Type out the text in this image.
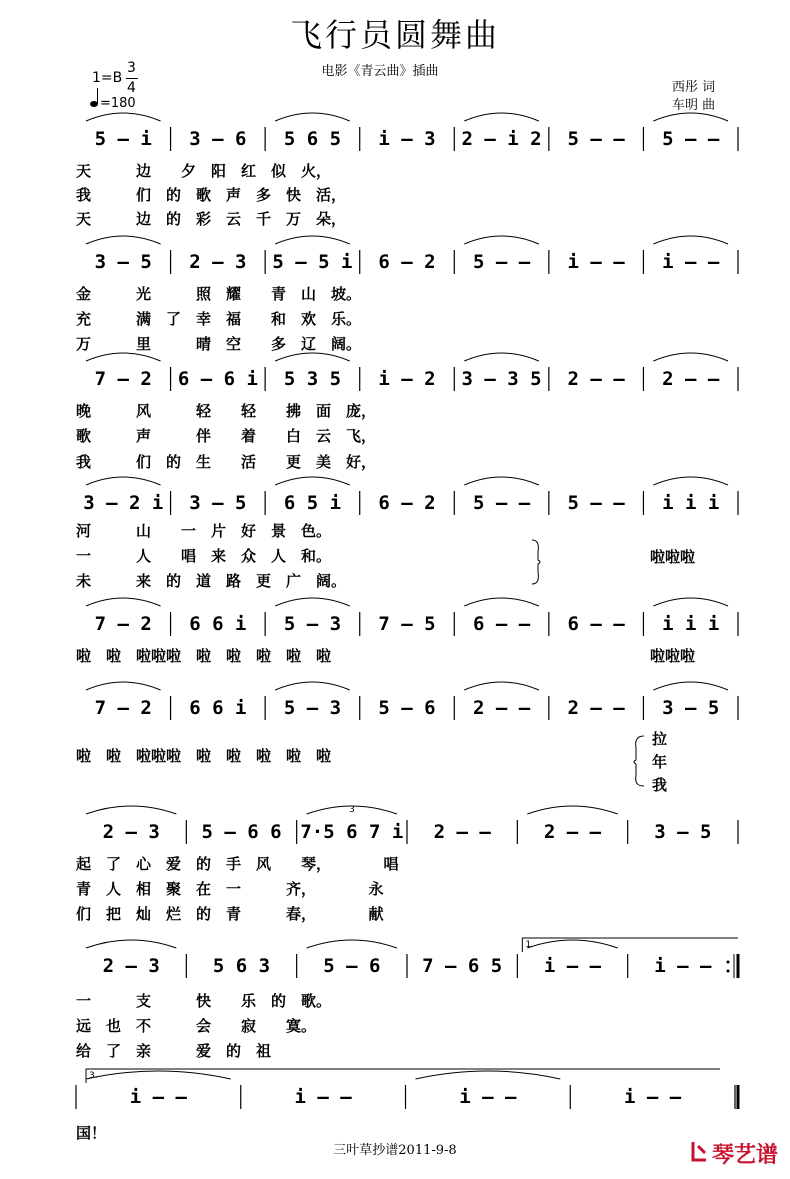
飞行员圆舞曲
电影《青云曲》插曲
西彤 词
车明 曲
1=B
3
4
=180
5 – i 3 – 6 5 6 5 i – 3 2 – i 2 5 – – 5 – –
3 – 5 2 – 3 5 – 5 i 6 – 2 5 – – i – – i – –
7 – 2 6 – 6 i 5 3 5 i – 2 3 – 3 5 2 – – 2 – –
3 – 2 i 3 – 5 6 5 i 6 – 2 5 – – 5 – – i i i
7 – 2 6 6 i 5 – 3 7 – 5 6 – – 6 – – i i i
7 – 2 6 6 i 5 – 3 5 – 6 2 – – 2 – – 3 – 5
2 – 3 5 – 6 6 7·5 6 7 i 2 – –	2 – –	3 – 5
3
2 – 3	5 6 3	5 – 6 7 – 6 5 i – –	i – –
1.
i – –	i – –	i – –	i – –
3.
天　　　边　　夕　阳　红　似　火，
我　　　们　的　歌　声　多　快　活，
天　　　边　的　彩　云　千　万　朵，
金　　　光　　　照　耀　　青　山　坡。
充　　　满　了　幸　福　　和　欢　乐。
万　　　里　　　晴　空　　多　辽　阔。
晚　　　风　　　轻　　轻　　拂　面　庞，
歌　　　声　　　伴　　着　　白　云　飞，
我　　　们　的　生　　活　　更　美　好，
河　　　山　　一　片　好　景　色。
一　　　人　　唱　来　众　人　和。
未　　　来　的　道　路　更　广　阔。
啦啦啦
啦　啦　啦啦啦　啦　啦　啦　啦　啦	啦啦啦
啦　啦　啦啦啦　啦　啦　啦　啦　啦
拉
年
我
起　了　心　爱　的　手　风　　琴，　　　　唱
青　人　相　聚　在　一　　　齐，　　　　永
们　把　灿　烂　的　青　　　春，　　　　献
一　　　支　　　快　　乐　的　歌。
远　也　不　　　会　　寂　　寞。
给　了　亲　　　爱　的　祖
国！
三叶草抄谱2011-9-8	琴艺谱
